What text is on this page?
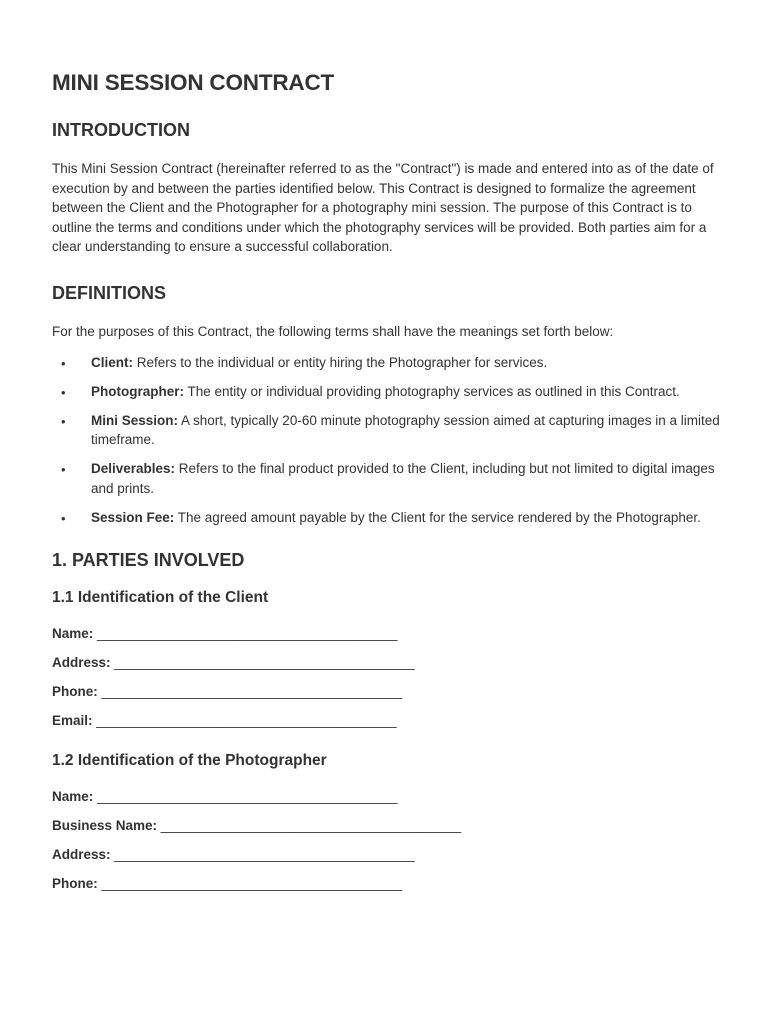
MINI SESSION CONTRACT
INTRODUCTION

This Mini Session Contract (hereinafter referred to as the "Contract") is made and entered into as of the date of execution by and between the parties identified below. This Contract is designed to formalize the agreement between the Client and the Photographer for a photography mini session. The purpose of this Contract is to outline the terms and conditions under which the photography services will be provided. Both parties aim for a clear understanding to ensure a successful collaboration.

DEFINITIONS

For the purposes of this Contract, the following terms shall have the meanings set forth below:

• Client: Refers to the individual or entity hiring the Photographer for services.
• Photographer: The entity or individual providing photography services as outlined in this Contract.
• Mini Session: A short, typically 20-60 minute photography session aimed at capturing images in a limited timeframe.
• Deliverables: Refers to the final product provided to the Client, including but not limited to digital images and prints.
• Session Fee: The agreed amount payable by the Client for the service rendered by the Photographer.
1. PARTIES INVOLVED
1.1 Identification of the Client
Name: ________________________________________
Address: ________________________________________
Phone: ________________________________________
Email: ________________________________________
1.2 Identification of the Photographer
Name: ________________________________________
Business Name: ________________________________________
Address: ________________________________________
Phone: ________________________________________
